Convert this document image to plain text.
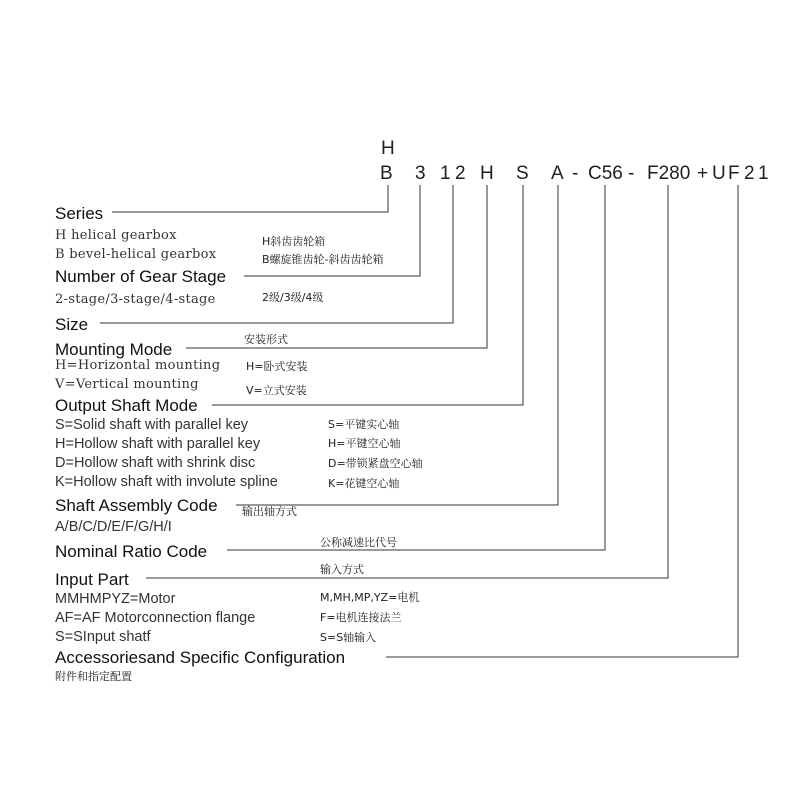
H
B 3 1 2 H S A - C56 - F280 + U F 2 1
Series
H helical gearbox
B bevel-helical gearbox
H斜齿齿轮箱
B螺旋锥齿轮-斜齿齿轮箱
Number of Gear Stage
2-stage/3-stage/4-stage	2级/3级/4级
Size
安装形式
Mounting Mode
H=Horizontal mounting
V=Vertical mounting
H=卧式安装
V=立式安装
Output Shaft Mode
S=Solid shaft with parallel key
H=Hollow shaft with parallel key
D=Hollow shaft with shrink disc
K=Hollow shaft with involute spline
S=平键实心轴
H=平键空心轴
D=带锁紧盘空心轴
K=花键空心轴
Shaft Assembly Code 输出轴方式
A/B/C/D/E/F/G/H/I
公称减速比代号
Nominal Ratio Code
输入方式
Input Part
MMHMPYZ=Motor
AF=AF Motorconnection flange
S=SInput shatf
M,MH,MP,YZ=电机
F=电机连接法兰
S=S轴输入
Accessoriesand Specific Configuration
附件和指定配置
